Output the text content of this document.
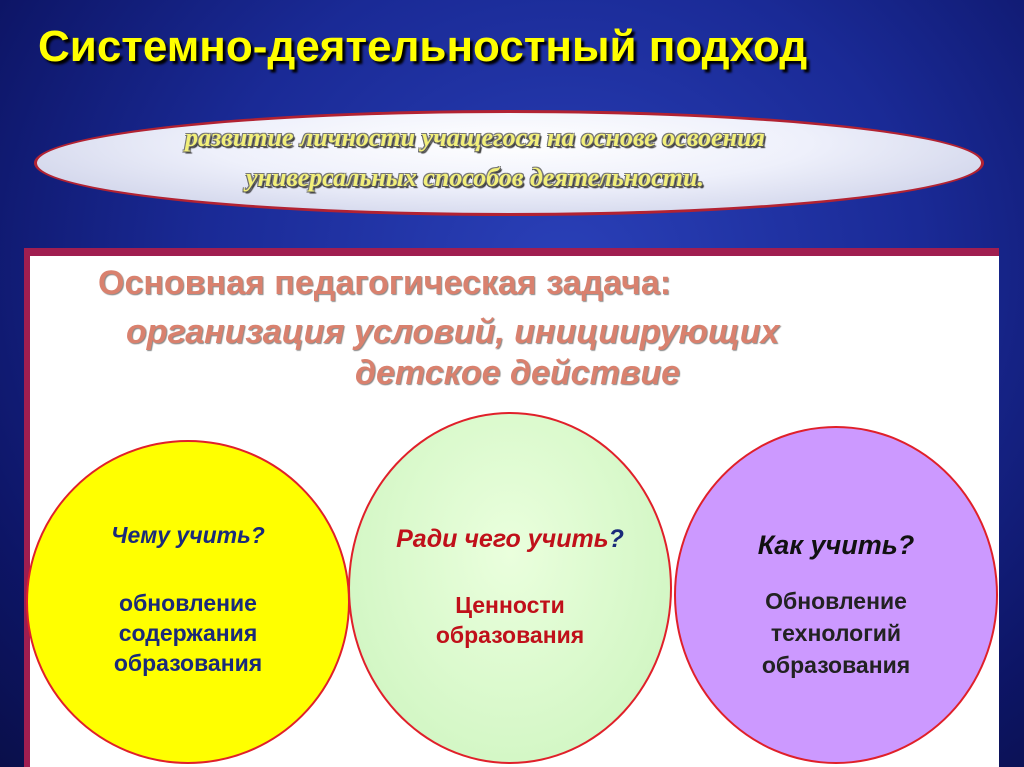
Системно-деятельностный подход
развитие личности учащегося на основе освоения
универсальных способов деятельности.
Основная педагогическая задача:
организация условий, инициирующих
детское действие
Чему учить?
обновление
содержания
образования
Ради чего учить?
Ценности
образования
Как учить?
Обновление
технологий
образования
